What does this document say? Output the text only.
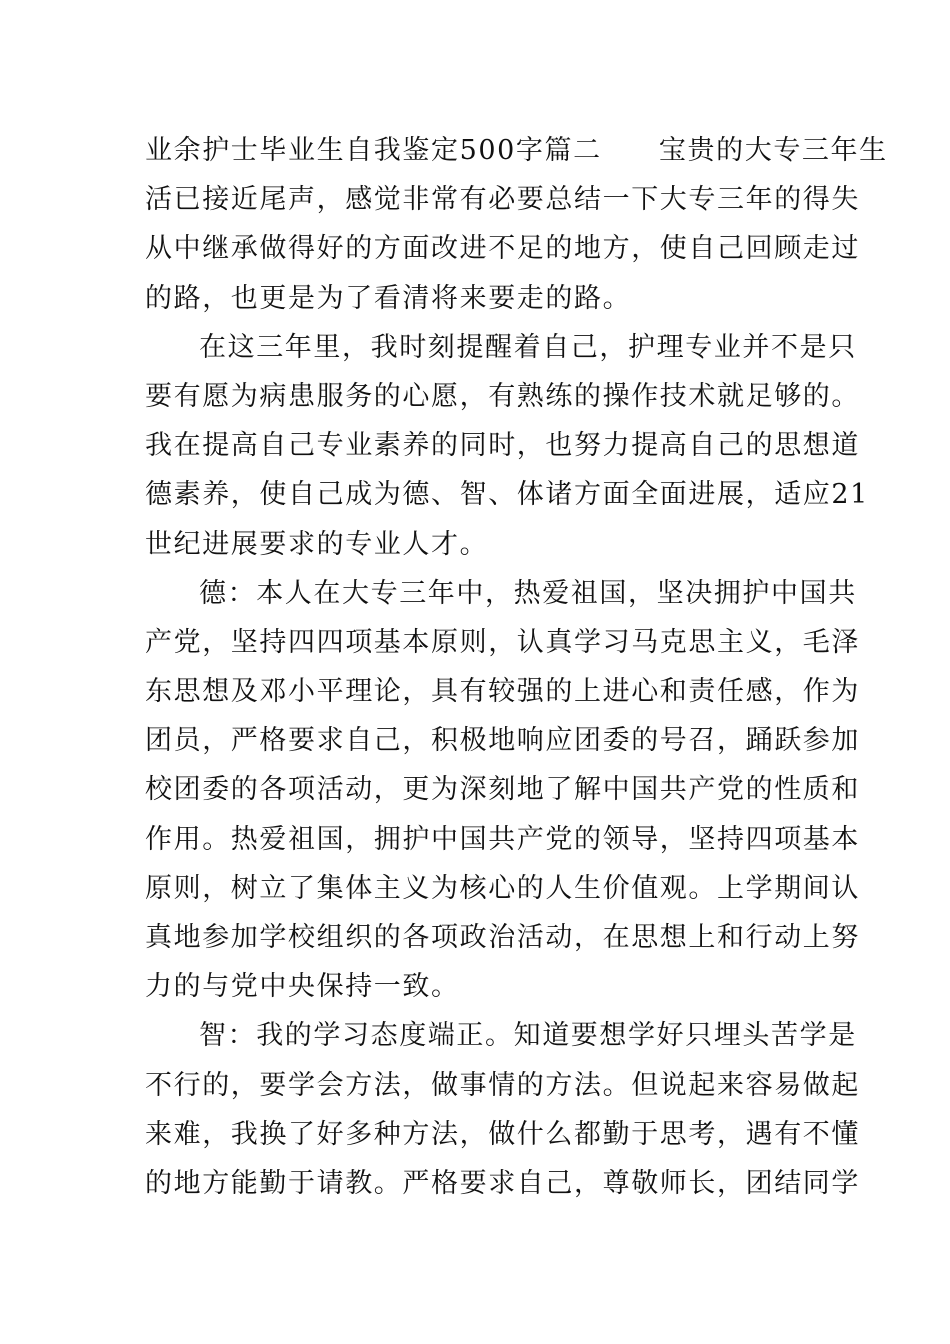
业余护士毕业生自我鉴定500字篇二　　宝贵的大专三年生
活已接近尾声，感觉非常有必要总结一下大专三年的得失
从中继承做得好的方面改进不足的地方，使自己回顾走过
的路，也更是为了看清将来要走的路。
在这三年里，我时刻提醒着自己，护理专业并不是只
要有愿为病患服务的心愿，有熟练的操作技术就足够的。
我在提高自己专业素养的同时，也努力提高自己的思想道
德素养，使自己成为德、智、体诸方面全面进展，适应21
世纪进展要求的专业人才。
德：本人在大专三年中，热爱祖国，坚决拥护中国共
产党，坚持四四项基本原则，认真学习马克思主义，毛泽
东思想及邓小平理论，具有较强的上进心和责任感，作为
团员，严格要求自己，积极地响应团委的号召，踊跃参加
校团委的各项活动，更为深刻地了解中国共产党的性质和
作用。热爱祖国，拥护中国共产党的领导，坚持四项基本
原则，树立了集体主义为核心的人生价值观。上学期间认
真地参加学校组织的各项政治活动，在思想上和行动上努
力的与党中央保持一致。
智：我的学习态度端正。知道要想学好只埋头苦学是
不行的，要学会方法，做事情的方法。但说起来容易做起
来难，我换了好多种方法，做什么都勤于思考，遇有不懂
的地方能勤于请教。严格要求自己，尊敬师长，团结同学
